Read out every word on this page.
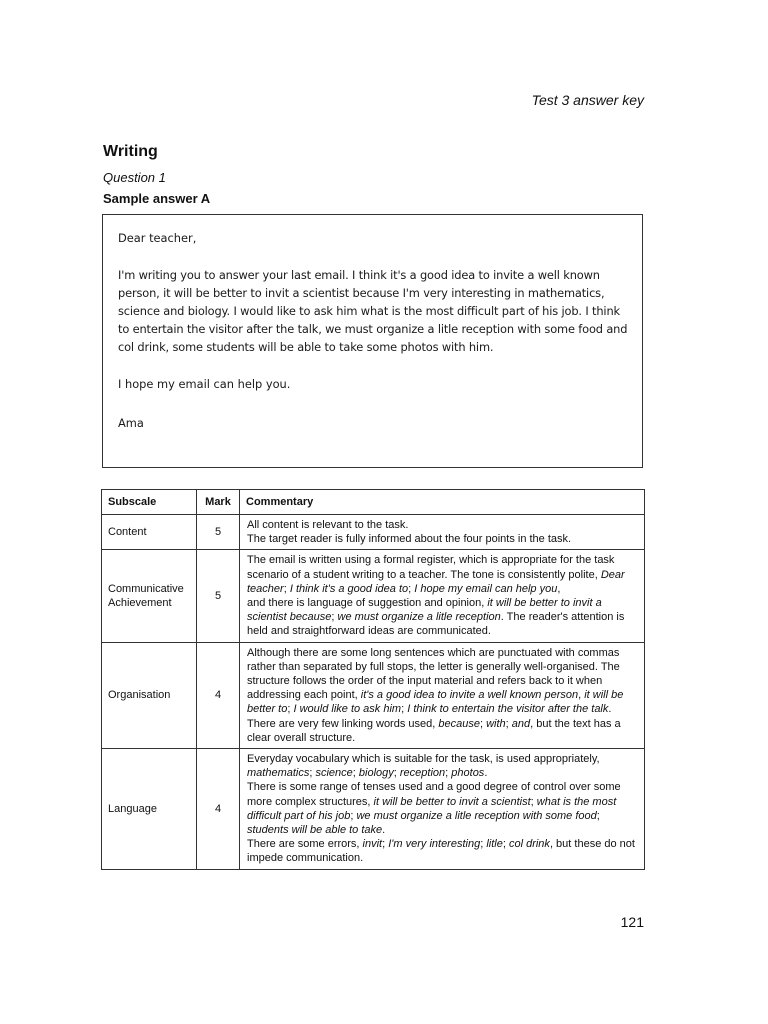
Test 3 answer key
Writing
Question 1
Sample answer A

Dear teacher,

I'm writing you to answer your last email. I think it's a good idea to invite a well known person, it will be better to invit a scientist because I'm very interesting in mathematics, science and biology. I would like to ask him what is the most difficult part of his job. I think to entertain the visitor after the talk, we must organize a litle reception with some food and col drink, some students will be able to take some photos with him.

I hope my email can help you.

Ama

Subscale	Mark	Commentary
Content	5	All content is relevant to the task.
The target reader is fully informed about the four points in the task.
Communicative Achievement	5	The email is written using a formal register, which is appropriate for the task scenario of a student writing to a teacher. The tone is consistently polite, Dear teacher; I think it's a good idea to; I hope my email can help you,
and there is language of suggestion and opinion, it will be better to invit a scientist because; we must organize a litle reception. The reader's attention is held and straightforward ideas are communicated.
Organisation	4	Although there are some long sentences which are punctuated with commas rather than separated by full stops, the letter is generally well-organised. The structure follows the order of the input material and refers back to it when addressing each point, it's a good idea to invite a well known person, it will be better to; I would like to ask him; I think to entertain the visitor after the talk. There are very few linking words used, because; with; and, but the text has a clear overall structure.
Language	4	Everyday vocabulary which is suitable for the task, is used appropriately, mathematics; science; biology; reception; photos.
There is some range of tenses used and a good degree of control over some more complex structures, it will be better to invit a scientist; what is the most difficult part of his job; we must organize a litle reception with some food; students will be able to take.
There are some errors, invit; I'm very interesting; litle; col drink, but these do not impede communication.
121
